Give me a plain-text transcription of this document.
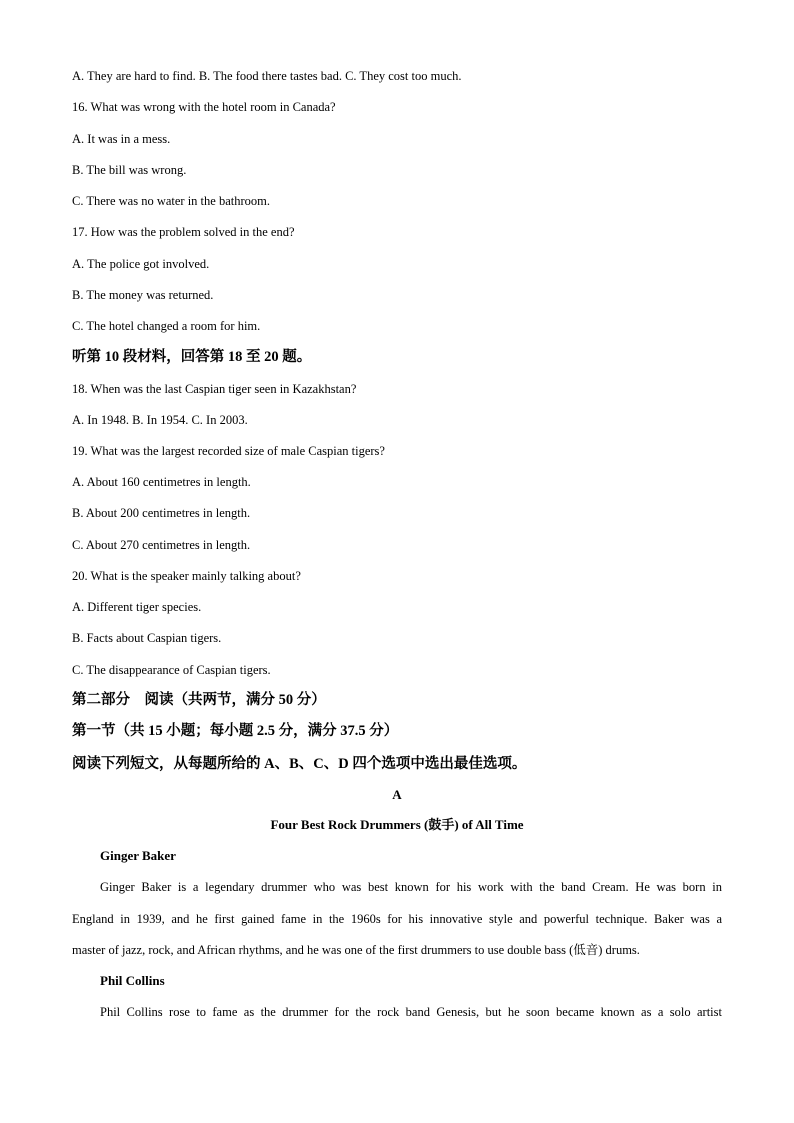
A. They are hard to find. B. The food there tastes bad. C. They cost too much.
16. What was wrong with the hotel room in Canada?
A. It was in a mess.
B. The bill was wrong.
C. There was no water in the bathroom.
17. How was the problem solved in the end?
A. The police got involved.
B. The money was returned.
C. The hotel changed a room for him.
听第 10 段材料，回答第 18 至 20 题。
18. When was the last Caspian tiger seen in Kazakhstan?
A. In 1948. B. In 1954. C. In 2003.
19. What was the largest recorded size of male Caspian tigers?
A. About 160 centimetres in length.
B. About 200 centimetres in length.
C. About 270 centimetres in length.
20. What is the speaker mainly talking about?
A. Different tiger species.
B. Facts about Caspian tigers.
C. The disappearance of Caspian tigers.
第二部分　阅读（共两节，满分 50 分）
第一节（共 15 小题；每小题 2.5 分，满分 37.5 分）
阅读下列短文，从每题所给的 A、B、C、D 四个选项中选出最佳选项。
A
Four Best Rock Drummers (鼓手) of All Time
Ginger Baker
Ginger Baker is a legendary drummer who was best known for his work with the band Cream. He was born in
England in 1939, and he first gained fame in the 1960s for his innovative style and powerful technique. Baker was a
master of jazz, rock, and African rhythms, and he was one of the first drummers to use double bass (低音) drums.
Phil Collins
Phil Collins rose to fame as the drummer for the rock band Genesis, but he soon became known as a solo artist
